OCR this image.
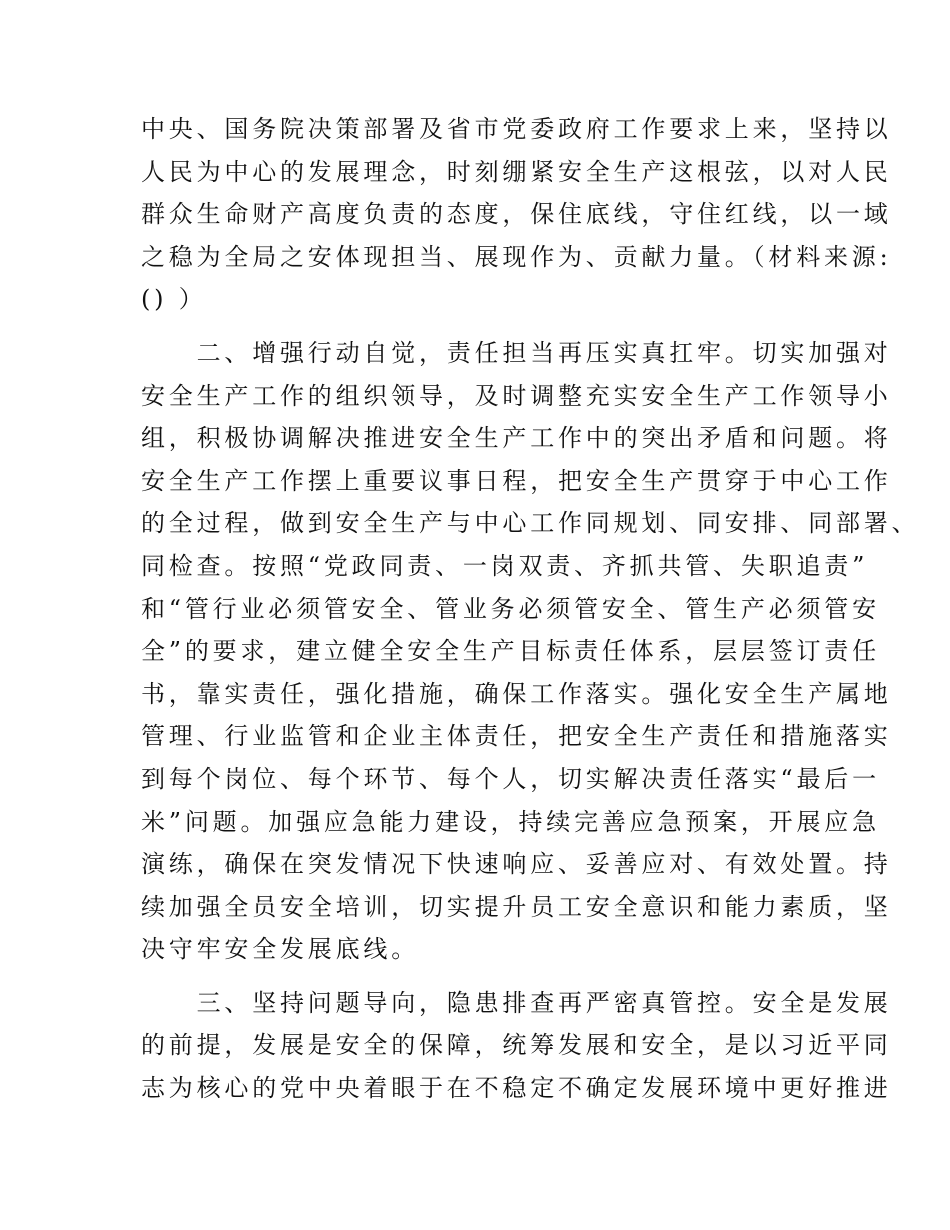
中央、国务院决策部署及省市党委政府工作要求上来，坚持以
人民为中心的发展理念，时刻绷紧安全生产这根弦，以对人民
群众生命财产高度负责的态度，保住底线，守住红线，以一域
之稳为全局之安体现担当、展现作为、贡献力量。（材料来源:
() ）
　　二、增强行动自觉，责任担当再压实真扛牢。切实加强对
安全生产工作的组织领导，及时调整充实安全生产工作领导小
组，积极协调解决推进安全生产工作中的突出矛盾和问题。将
安全生产工作摆上重要议事日程，把安全生产贯穿于中心工作
的全过程，做到安全生产与中心工作同规划、同安排、同部署、
同检查。按照“党政同责、一岗双责、齐抓共管、失职追责”
和“管行业必须管安全、管业务必须管安全、管生产必须管安
全”的要求，建立健全安全生产目标责任体系，层层签订责任
书，靠实责任，强化措施，确保工作落实。强化安全生产属地
管理、行业监管和企业主体责任，把安全生产责任和措施落实
到每个岗位、每个环节、每个人，切实解决责任落实“最后一
米”问题。加强应急能力建设，持续完善应急预案，开展应急
演练，确保在突发情况下快速响应、妥善应对、有效处置。持
续加强全员安全培训，切实提升员工安全意识和能力素质，坚
决守牢安全发展底线。
　　三、坚持问题导向，隐患排查再严密真管控。安全是发展
的前提，发展是安全的保障，统筹发展和安全，是以习近平同
志为核心的党中央着眼于在不稳定不确定发展环境中更好推进
